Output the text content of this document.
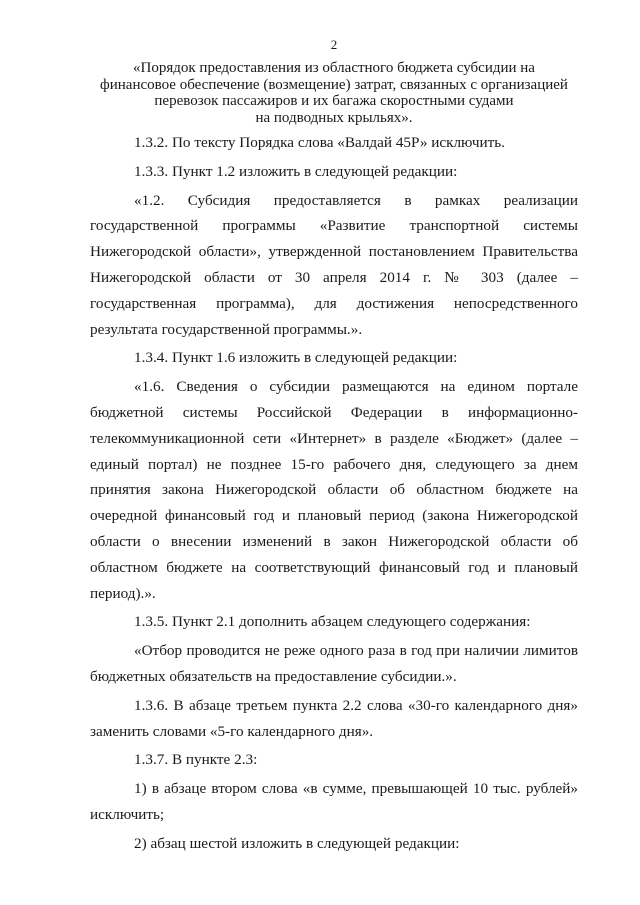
2
«Порядок предоставления из областного бюджета субсидии на
финансовое обеспечение (возмещение) затрат, связанных с организацией
перевозок пассажиров и их багажа скоростными судами
на подводных крыльях».

1.3.2. По тексту Порядка слова «Валдай 45Р» исключить.

1.3.3. Пункт 1.2 изложить в следующей редакции:

«1.2. Субсидия предоставляется в рамках реализации государственной программы «Развитие транспортной системы Нижегородской области», утвержденной постановлением Правительства Нижегородской области от 30 апреля 2014 г. № 303 (далее – государственная программа), для достижения непосредственного результата государственной программы.».

1.3.4. Пункт 1.6 изложить в следующей редакции:

«1.6. Сведения о субсидии размещаются на едином портале бюджетной системы Российской Федерации в информационно-телекоммуникационной сети «Интернет» в разделе «Бюджет» (далее – единый портал) не позднее 15-го рабочего дня, следующего за днем принятия закона Нижегородской области об областном бюджете на очередной финансовый год и плановый период (закона Нижегородской области о внесении изменений в закон Нижегородской области об областном бюджете на соответствующий финансовый год и плановый период).».

1.3.5. Пункт 2.1 дополнить абзацем следующего содержания:

«Отбор проводится не реже одного раза в год при наличии лимитов бюджетных обязательств на предоставление субсидии.».

1.3.6. В абзаце третьем пункта 2.2 слова «30-го календарного дня» заменить словами «5-го календарного дня».

1.3.7. В пункте 2.3:

1) в абзаце втором слова «в сумме, превышающей 10 тыс. рублей» исключить;

2) абзац шестой изложить в следующей редакции:
